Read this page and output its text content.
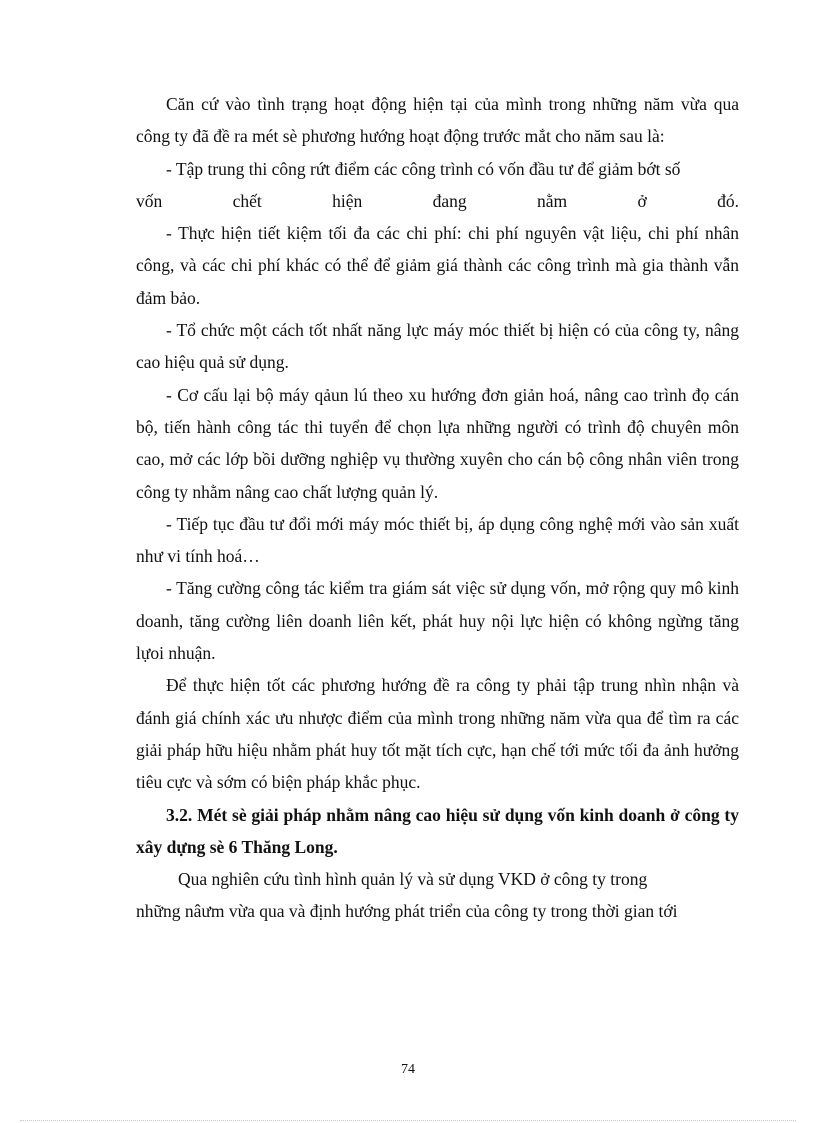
Căn cứ vào tình trạng hoạt động hiện tại của mình trong những năm vừa qua công ty đã đề ra mét sè phương hướng hoạt động trước mắt cho năm sau là:

- Tập trung thi công rứt điểm các công trình có vốn đầu tư để giảm bớt số

vốn chết hiện đang nằm ở đó.

- Thực hiện tiết kiệm tối đa các chi phí: chi phí nguyên vật liệu, chi phí nhân công, và các chi phí khác có thể để giảm giá thành các công trình mà gia thành vẫn đảm bảo.

- Tổ chức một cách tốt nhất năng lực máy móc thiết bị hiện có của công ty, nâng cao hiệu quả sử dụng.

- Cơ cấu lại bộ máy qảun lú theo xu hướng đơn giản hoá, nâng cao trình đọ cán bộ, tiến hành công tác thi tuyển để chọn lựa những người có trình độ chuyên môn cao, mở các lớp bồi dưỡng nghiệp vụ thường xuyên cho cán bộ công nhân viên trong công ty nhằm nâng cao chất lượng quản lý.

- Tiếp tục đầu tư đổi mới máy móc thiết bị, áp dụng công nghệ mới vào sản xuất như vi tính hoá…

- Tăng cường công tác kiểm tra giám sát việc sử dụng vốn, mở rộng quy mô kinh doanh, tăng cường liên doanh liên kết, phát huy nội lực hiện có không ngừng tăng lựoi nhuận.

Để thực hiện tốt các phương hướng đề ra công ty phải tập trung nhìn nhận và đánh giá chính xác ưu nhược điểm của mình trong những năm vừa qua để tìm ra các giải pháp hữu hiệu nhằm phát huy tốt mặt tích cực, hạn chế tới mức tối đa ảnh hưởng tiêu cực và sớm có biện pháp khắc phục.

3.2. Mét sè giải pháp nhằm nâng cao hiệu sử dụng vốn kinh doanh ở công ty xây dựng sè 6 Thăng Long.

Qua nghiên cứu tình hình quản lý và sử dụng VKD ở công ty trong

những nâưm vừa qua và định hướng phát triển của công ty trong thời gian tới

74
